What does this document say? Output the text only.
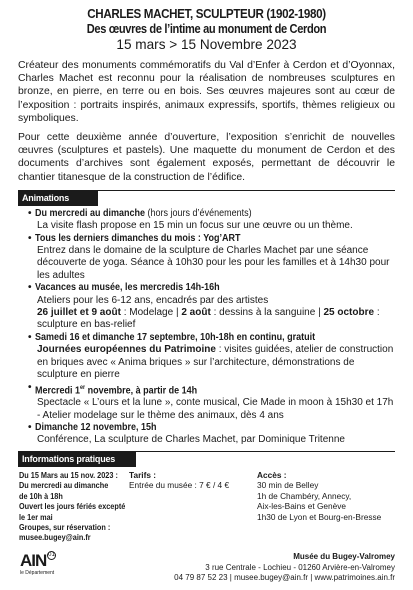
CHARLES MACHET, SCULPTEUR (1902-1980)
Des œuvres de l’intime au monument de Cerdon
15 mars > 15 Novembre 2023

Créateur des monuments commémoratifs du Val d’Enfer à Cerdon et d’Oyonnax, Charles Machet est reconnu pour la réalisation de nombreuses sculptures en bronze, en pierre, en terre ou en bois. Ses œuvres majeures sont au cœur de l’exposition : portraits inspirés, animaux expressifs, sportifs, thèmes religieux ou symboliques.

Pour cette deuxième année d’ouverture, l’exposition s’enrichit de nouvelles œuvres (sculptures et pastels). Une maquette du monument de Cerdon et des documents d’archives sont également exposés, permettant de découvrir le chantier titanesque de la construction de l’édifice.

Animations
• Du mercredi au dimanche (hors jours d’événements)
La visite flash propose en 15 min un focus sur une œuvre ou un thème.
• Tous les derniers dimanches du mois : Yog’ART
Entrez dans le domaine de la sculpture de Charles Machet par une séance découverte de yoga. Séance à 10h30 pour les pour les familles et à 14h30 pour les adultes
• Vacances au musée, les mercredis 14h-16h
Ateliers pour les 6-12 ans, encadrés par des artistes
26 juillet et 9 août : Modelage | 2 août : dessins à la sanguine | 25 octobre :
sculpture en bas-relief
• Samedi 16 et dimanche 17 septembre, 10h-18h en continu, gratuit
Journées européennes du Patrimoine : visites guidées, atelier de construction en briques avec « Anima briques » sur l’architecture, démonstrations de sculpture en pierre
• Mercredi 1er novembre, à partir de 14h
Spectacle « L’ours et la lune », conte musical, Cie Made in moon à 15h30 et 17h - Atelier modelage sur le thème des animaux, dès 4 ans
• Dimanche 12 novembre, 15h
Conférence, La sculpture de Charles Machet, par Dominique Tritenne
Informations pratiques
Du 15 Mars au 15 nov. 2023 :
Du mercredi au dimanche
de 10h à 18h
Ouvert les jours fériés excepté
le 1er mai
Groupes, sur réservation :
musee.bugey@ain.fr
Tarifs :
Entrée du musée : 7 € / 4 €
Accès :
30 min de Belley
1h de Chambéry, Annecy,
Aix-les-Bains et Genève
1h30 de Lyon et Bourg-en-Bresse
AIN 01
le Département
Musée du Bugey-Valromey
3 rue Centrale - Lochieu - 01260 Arvière-en-Valromey
04 79 87 52 23 | musee.bugey@ain.fr | www.patrimoines.ain.fr
